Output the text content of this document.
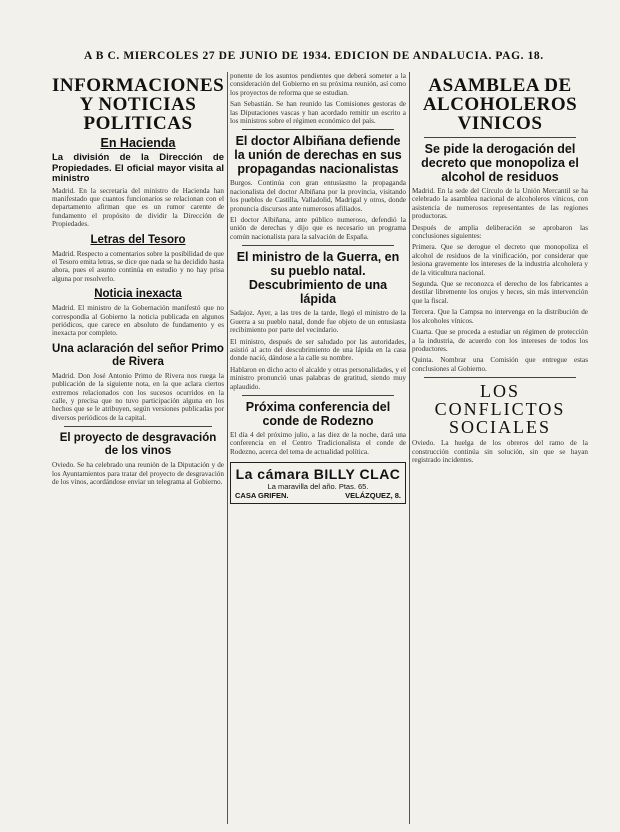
A B C. MIERCOLES 27 DE JUNIO DE 1934. EDICION DE ANDALUCIA. PAG. 18.
INFORMACIONES Y NOTICIAS POLITICAS
En Hacienda
La división de la Dirección de Propiedades. El oficial mayor visita al ministro

Madrid. En la secretaría del ministro de Hacienda han manifestado que cuantos funcionarios se relacionan con el departamento afirman que es un rumor carente de fundamento el propósito de dividir la Dirección de Propiedades.

Letras del Tesoro

Madrid. Respecto a comentarios sobre la posibilidad de que el Tesoro emita letras, se dice que nada se ha decidido hasta ahora, pues el asunto continúa en estudio y no hay prisa alguna por resolverlo.

Noticia inexacta

Madrid. El ministro de la Gobernación manifestó que no correspondía al Gobierno la noticia publicada en algunos periódicos, que carece en absoluto de fundamento y es inexacta por completo.

Una aclaración del señor Primo de Rivera

Madrid. Don José Antonio Primo de Rivera nos ruega la publicación de la siguiente nota, en la que aclara ciertos extremos relacionados con los sucesos ocurridos en la calle, y precisa que no tuvo participación alguna en los hechos que se le atribuyen, según versiones publicadas por diversos periódicos de la capital.

El proyecto de desgravación de los vinos

Oviedo. Se ha celebrado una reunión de la Diputación y de los Ayuntamientos para tratar del proyecto de desgravación de los vinos, acordándose enviar un telegrama al Gobierno.

ponente de los asuntos pendientes que deberá someter a la consideración del Gobierno en su próxima reunión, así como los proyectos de reforma que se estudian.

San Sebastián. Se han reunido las Comisiones gestoras de las Diputaciones vascas y han acordado remitir un escrito a los ministros sobre el régimen económico del país.

El doctor Albiñana defiende la unión de derechas en sus propagandas nacionalistas

Burgos. Continúa con gran entusiasmo la propaganda nacionalista del doctor Albiñana por la provincia, visitando los pueblos de Castilla, Valladolid, Madrigal y otros, donde pronuncia discursos ante numerosos afiliados.

El doctor Albiñana, ante público numeroso, defendió la unión de derechas y dijo que es necesario un programa común nacionalista para la salvación de España.

El ministro de la Guerra, en su pueblo natal. Descubrimiento de una lápida

Sadajoz. Ayer, a las tres de la tarde, llegó el ministro de la Guerra a su pueblo natal, donde fue objeto de un entusiasta recibimiento por parte del vecindario.

El ministro, después de ser saludado por las autoridades, asistió al acto del descubrimiento de una lápida en la casa donde nació, dándose a la calle su nombre.

Hablaron en dicho acto el alcalde y otras personalidades, y el ministro pronunció unas palabras de gratitud, siendo muy aplaudido.

Próxima conferencia del conde de Rodezno

El día 4 del próximo julio, a las diez de la noche, dará una conferencia en el Centro Tradicionalista el conde de Rodezno, acerca del tema de actualidad política.

La cámara BILLY CLAC
La maravilla del año. Ptas. 65.
CASA GRIFEN.	VELÁZQUEZ, 8.
ASAMBLEA DE ALCOHOLEROS VINICOS
Se pide la derogación del decreto que monopoliza el alcohol de residuos

Madrid. En la sede del Círculo de la Unión Mercantil se ha celebrado la asamblea nacional de alcoholeros vínicos, con asistencia de numerosos representantes de las regiones productoras.

Después de amplia deliberación se aprobaron las conclusiones siguientes:

Primera. Que se derogue el decreto que monopoliza el alcohol de residuos de la vinificación, por considerar que lesiona gravemente los intereses de la industria alcoholera y de la viticultura nacional.

Segunda. Que se reconozca el derecho de los fabricantes a destilar libremente los orujos y heces, sin más intervención que la fiscal.

Tercera. Que la Campsa no intervenga en la distribución de los alcoholes vínicos.

Cuarta. Que se proceda a estudiar un régimen de protección a la industria, de acuerdo con los intereses de todos los productores.

Quinta. Nombrar una Comisión que entregue estas conclusiones al Gobierno.

LOS CONFLICTOS SOCIALES

Oviedo. La huelga de los obreros del ramo de la construcción continúa sin solución, sin que se hayan registrado incidentes.
